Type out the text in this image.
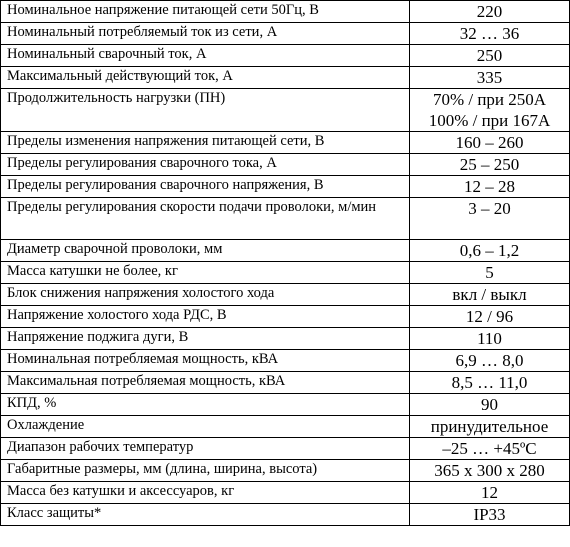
Номинальное напряжение питающей сети 50Гц, В	220
Номинальный потребляемый ток из сети, А	32 … 36
Номинальный сварочный ток, А	250
Максимальный действующий ток, А	335
Продолжительность нагрузки (ПН)	70% / при 250А
100% / при 167А

Пределы изменения напряжения питающей сети, В	160 – 260
Пределы регулирования сварочного тока, А	25 – 250
Пределы регулирования сварочного напряжения, В	12 – 28
Пределы регулирования скорости подачи проволоки, м/мин	3 – 20
Диаметр сварочной проволоки, мм	0,6 – 1,2
Масса катушки не более, кг	5
Блок снижения напряжения холостого хода	вкл / выкл
Напряжение холостого хода РДС, В	12 / 96
Напряжение поджига дуги, В	110
Номинальная потребляемая мощность, кВА	6,9 … 8,0
Максимальная потребляемая мощность, кВА	8,5 … 11,0
КПД, %	90
Охлаждение	принудительное
Диапазон рабочих температур	–25 … +45ºС
Габаритные размеры, мм (длина, ширина, высота)	365 х 300 х 280
Масса без катушки и аксессуаров, кг	12
Класс защиты*	IP33
